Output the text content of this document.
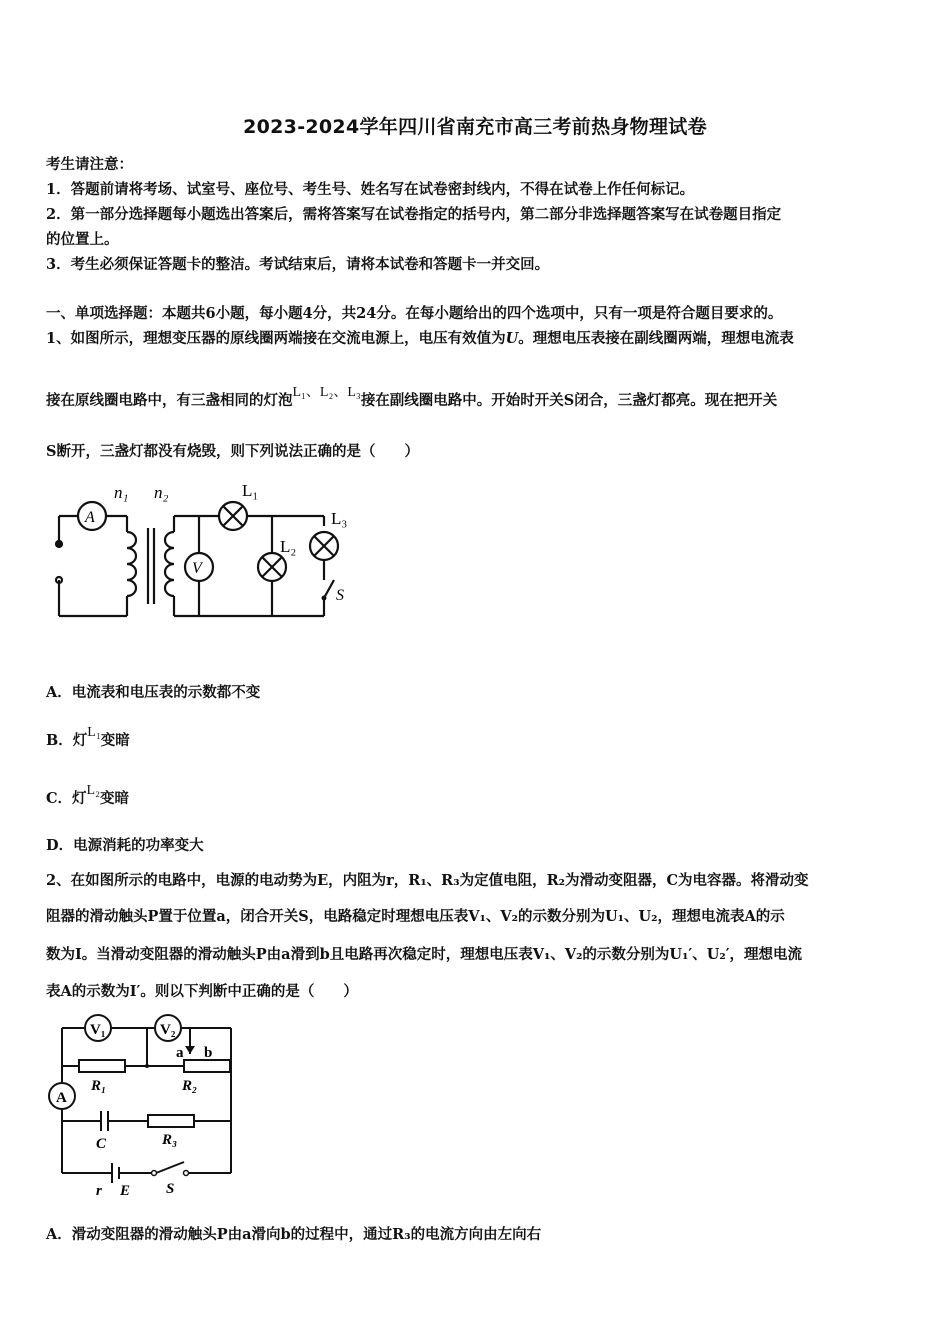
2023-2024学年四川省南充市高三考前热身物理试卷
考生请注意：
1．答题前请将考场、试室号、座位号、考生号、姓名写在试卷密封线内，不得在试卷上作任何标记。
2．第一部分选择题每小题选出答案后，需将答案写在试卷指定的括号内，第二部分非选择题答案写在试卷题目指定
的位置上。
3．考生必须保证答题卡的整洁。考试结束后，请将本试卷和答题卡一并交回。
一、单项选择题：本题共6小题，每小题4分，共24分。在每小题给出的四个选项中，只有一项是符合题目要求的。
1、如图所示，理想变压器的原线圈两端接在交流电源上，电压有效值为U。理想电压表接在副线圈两端，理想电流表
接在原线圈电路中，有三盏相同的灯泡L₁、L₂、L₃接在副线圈电路中。开始时开关S闭合，三盏灯都亮。现在把开关
S断开，三盏灯都没有烧毁，则下列说法正确的是（　　）
A
V
n₁ n₂	L₁
L₂
L₃
S
A．电流表和电压表的示数都不变
B．灯L₁变暗
C．灯L₂变暗
D．电源消耗的功率变大
2、在如图所示的电路中，电源的电动势为E，内阻为r，R₁、R₃为定值电阻，R₂为滑动变阻器，C为电容器。将滑动变
阻器的滑动触头P置于位置a，闭合开关S，电路稳定时理想电压表V₁、V₂的示数分别为U₁、U₂，理想电流表A的示
数为I。当滑动变阻器的滑动触头P由a滑到b且电路再次稳定时，理想电压表V₁、V₂的示数分别为U₁′、U₂′，理想电流
表A的示数为I′。则以下判断中正确的是（　　）
V₁	V₂
a b
R₁	R₂
A
C	R₃
r E S
A．滑动变阻器的滑动触头P由a滑向b的过程中，通过R₃的电流方向由左向右
